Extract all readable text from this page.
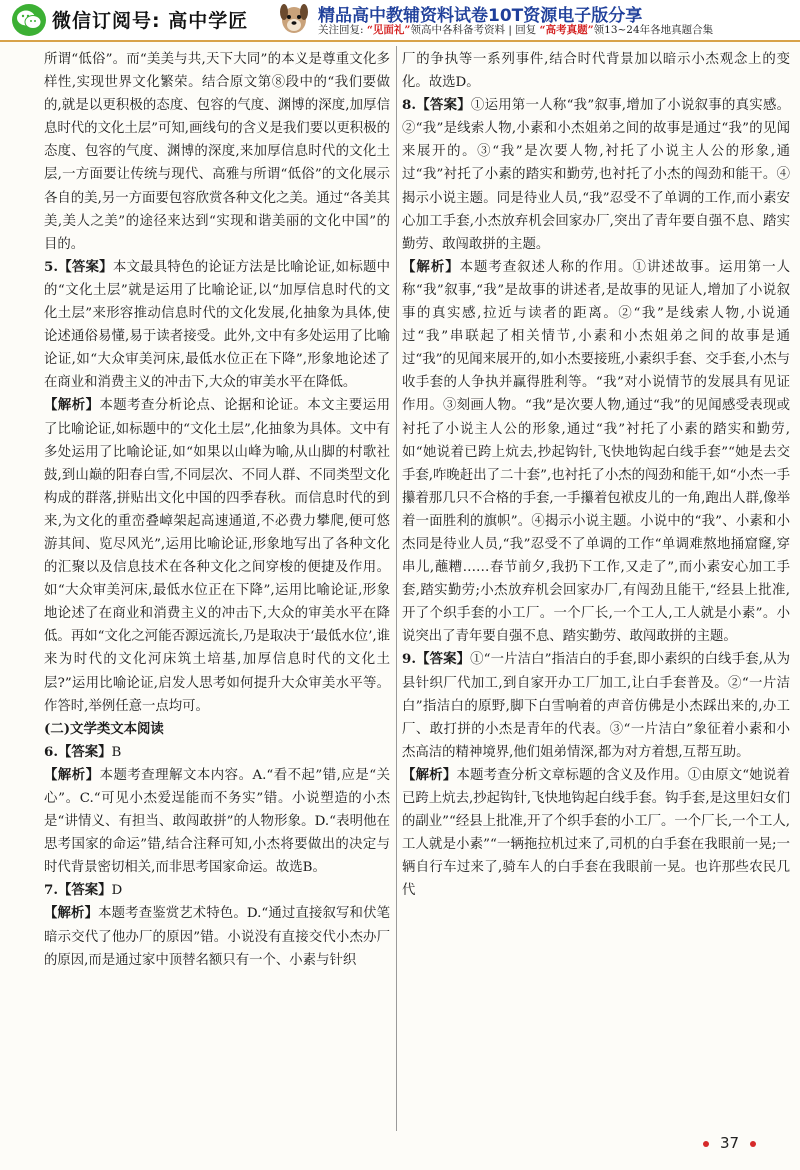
微信订阅号: 高中学匠	精品高中教辅资料试卷10T资源电子版分享
关注回复: “见面礼”领高中各科备考资料 | 回复 “高考真题”领13~24年各地真题合集

所谓“低俗”。而“美美与共,天下大同”的本义是尊重文化多样性,实现世界文化繁荣。结合原文第⑧段中的“我们要做的,就是以更积极的态度、包容的气度、渊博的深度,加厚信息时代的文化土层”可知,画线句的含义是我们要以更积极的态度、包容的气度、渊博的深度,来加厚信息时代的文化土层,一方面要让传统与现代、高雅与所谓“低俗”的文化展示各自的美,另一方面要包容欣赏各种文化之美。通过“各美其美,美人之美”的途径来达到“实现和谐美丽的文化中国”的目的。

5.【答案】本文最具特色的论证方法是比喻论证,如标题中的“文化土层”就是运用了比喻论证,以“加厚信息时代的文化土层”来形容推动信息时代的文化发展,化抽象为具体,使论述通俗易懂,易于读者接受。此外,文中有多处运用了比喻论证,如“大众审美河床,最低水位正在下降”,形象地论述了在商业和消费主义的冲击下,大众的审美水平在降低。

【解析】本题考查分析论点、论据和论证。本文主要运用了比喻论证,如标题中的“文化土层”,化抽象为具体。文中有多处运用了比喻论证,如“如果以山峰为喻,从山脚的村歌社鼓,到山巅的阳春白雪,不同层次、不同人群、不同类型文化构成的群落,拼贴出文化中国的四季春秋。而信息时代的到来,为文化的重峦叠嶂架起高速通道,不必费力攀爬,便可悠游其间、览尽风光”,运用比喻论证,形象地写出了各种文化的汇聚以及信息技术在各种文化之间穿梭的便捷及作用。如“大众审美河床,最低水位正在下降”,运用比喻论证,形象地论述了在商业和消费主义的冲击下,大众的审美水平在降低。再如“文化之河能否源远流长,乃是取决于‘最低水位’,谁来为时代的文化河床筑土培基,加厚信息时代的文化土层?”运用比喻论证,启发人思考如何提升大众审美水平等。作答时,举例任意一点均可。

(二)文学类文本阅读

6.【答案】B

【解析】本题考查理解文本内容。A.“看不起”错,应是“关心”。C.“可见小杰爱逞能而不务实”错。小说塑造的小杰是“讲情义、有担当、敢闯敢拼”的人物形象。D.“表明他在思考国家的命运”错,结合注释可知,小杰将要做出的决定与时代背景密切相关,而非思考国家命运。故选B。

7.【答案】D

【解析】本题考查鉴赏艺术特色。D.“通过直接叙写和伏笔暗示交代了他办厂的原因”错。小说没有直接交代小杰办厂的原因,而是通过家中顶替名额只有一个、小素与针织

厂的争执等一系列事件,结合时代背景加以暗示小杰观念上的变化。故选D。

8.【答案】①运用第一人称“我”叙事,增加了小说叙事的真实感。②“我”是线索人物,小素和小杰姐弟之间的故事是通过“我”的见闻来展开的。③“我”是次要人物,衬托了小说主人公的形象,通过“我”衬托了小素的踏实和勤劳,也衬托了小杰的闯劲和能干。④揭示小说主题。同是待业人员,“我”忍受不了单调的工作,而小素安心加工手套,小杰放弃机会回家办厂,突出了青年要自强不息、踏实勤劳、敢闯敢拼的主题。

【解析】本题考查叙述人称的作用。①讲述故事。运用第一人称“我”叙事,“我”是故事的讲述者,是故事的见证人,增加了小说叙事的真实感,拉近与读者的距离。②“我”是线索人物,小说通过“我”串联起了相关情节,小素和小杰姐弟之间的故事是通过“我”的见闻来展开的,如小杰要接班,小素织手套、交手套,小杰与收手套的人争执并赢得胜利等。“我”对小说情节的发展具有见证作用。③刻画人物。“我”是次要人物,通过“我”的见闻感受表现或衬托了小说主人公的形象,通过“我”衬托了小素的踏实和勤劳,如“她说着已跨上炕去,抄起钩针,飞快地钩起白线手套”“她是去交手套,咋晚赶出了二十套”,也衬托了小杰的闯劲和能干,如“小杰一手攥着那几只不合格的手套,一手攥着包袱皮儿的一角,跑出人群,像举着一面胜利的旗帜”。④揭示小说主题。小说中的“我”、小素和小杰同是待业人员,“我”忍受不了单调的工作“单调难熬地捅窟窿,穿串儿,蘸糟……春节前夕,我扔下工作,又走了”,而小素安心加工手套,踏实勤劳;小杰放弃机会回家办厂,有闯劲且能干,“经县上批准,开了个织手套的小工厂。一个厂长,一个工人,工人就是小素”。小说突出了青年要自强不息、踏实勤劳、敢闯敢拼的主题。

9.【答案】①“一片洁白”指洁白的手套,即小素织的白线手套,从为县针织厂代加工,到自家开办工厂加工,让白手套普及。②“一片洁白”指洁白的原野,脚下白雪响着的声音仿佛是小杰踩出来的,办工厂、敢打拼的小杰是青年的代表。③“一片洁白”象征着小素和小杰高洁的精神境界,他们姐弟情深,都为对方着想,互帮互助。

【解析】本题考查分析文章标题的含义及作用。①由原文“她说着已跨上炕去,抄起钩针,飞快地钩起白线手套。钩手套,是这里妇女们的副业”“经县上批准,开了个织手套的小工厂。一个厂长,一个工人,工人就是小素”“一辆拖拉机过来了,司机的白手套在我眼前一晃;一辆自行车过来了,骑车人的白手套在我眼前一晃。也许那些农民几代

37
